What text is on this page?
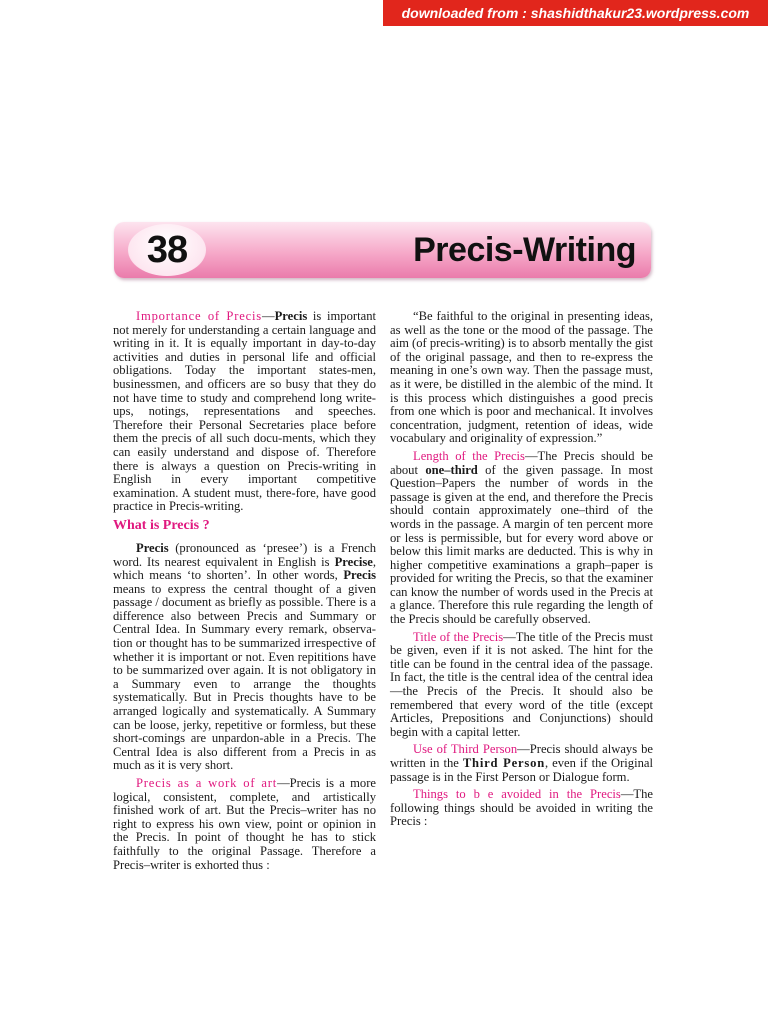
downloaded from : shashidthakur23.wordpress.com
38	Precis-Writing

Importance of Precis—Precis is important not merely for understanding a certain language and writing in it. It is equally important in day-to-day activities and duties in personal life and official obligations. Today the important states-men, businessmen, and officers are so busy that they do not have time to study and comprehend long write-ups, notings, representations and speeches. Therefore their Personal Secretaries place before them the precis of all such docu-ments, which they can easily understand and dispose of. Therefore there is always a question on Precis-writing in English in every important competitive examination. A student must, there-fore, have good practice in Precis-writing.

What is Precis ?

Precis (pronounced as ‘presee’) is a French word. Its nearest equivalent in English is Precise, which means ‘to shorten’. In other words, Precis means to express the central thought of a given passage / document as briefly as possible. There is a difference also between Precis and Summary or Central Idea. In Summary every remark, observa-tion or thought has to be summarized irrespective of whether it is important or not. Even repititions have to be summarized over again. It is not obligatory in a Summary even to arrange the thoughts systematically. But in Precis thoughts have to be arranged logically and systematically. A Summary can be loose, jerky, repetitive or formless, but these short-comings are unpardon-able in a Precis. The Central Idea is also different from a Precis in as much as it is very short.

Precis as a work of art—Precis is a more logical, consistent, complete, and artistically finished work of art. But the Precis–writer has no right to express his own view, point or opinion in the Precis. In point of thought he has to stick faithfully to the original Passage. Therefore a Precis–writer is exhorted thus :

“Be faithful to the original in presenting ideas, as well as the tone or the mood of the passage. The aim (of precis-writing) is to absorb mentally the gist of the original passage, and then to re-express the meaning in one’s own way. Then the passage must, as it were, be distilled in the alembic of the mind. It is this process which distinguishes a good precis from one which is poor and mechanical. It involves concentration, judgment, retention of ideas, wide vocabulary and originality of expression.”

Length of the Precis—The Precis should be about one–third of the given passage. In most Question–Papers the number of words in the passage is given at the end, and therefore the Precis should contain approximately one–third of the words in the passage. A margin of ten percent more or less is permissible, but for every word above or below this limit marks are deducted. This is why in higher competitive examinations a graph–paper is provided for writing the Precis, so that the examiner can know the number of words used in the Precis at a glance. Therefore this rule regarding the length of the Precis should be carefully observed.

Title of the Precis—The title of the Precis must be given, even if it is not asked. The hint for the title can be found in the central idea of the passage. In fact, the title is the central idea of the central idea—the Precis of the Precis. It should also be remembered that every word of the title (except Articles, Prepositions and Conjunctions) should begin with a capital letter.

Use of Third Person—Precis should always be written in the Third Person, even if the Original passage is in the First Person or Dialogue form.

Things to b e avoided in the Precis—The following things should be avoided in writing the Precis :
